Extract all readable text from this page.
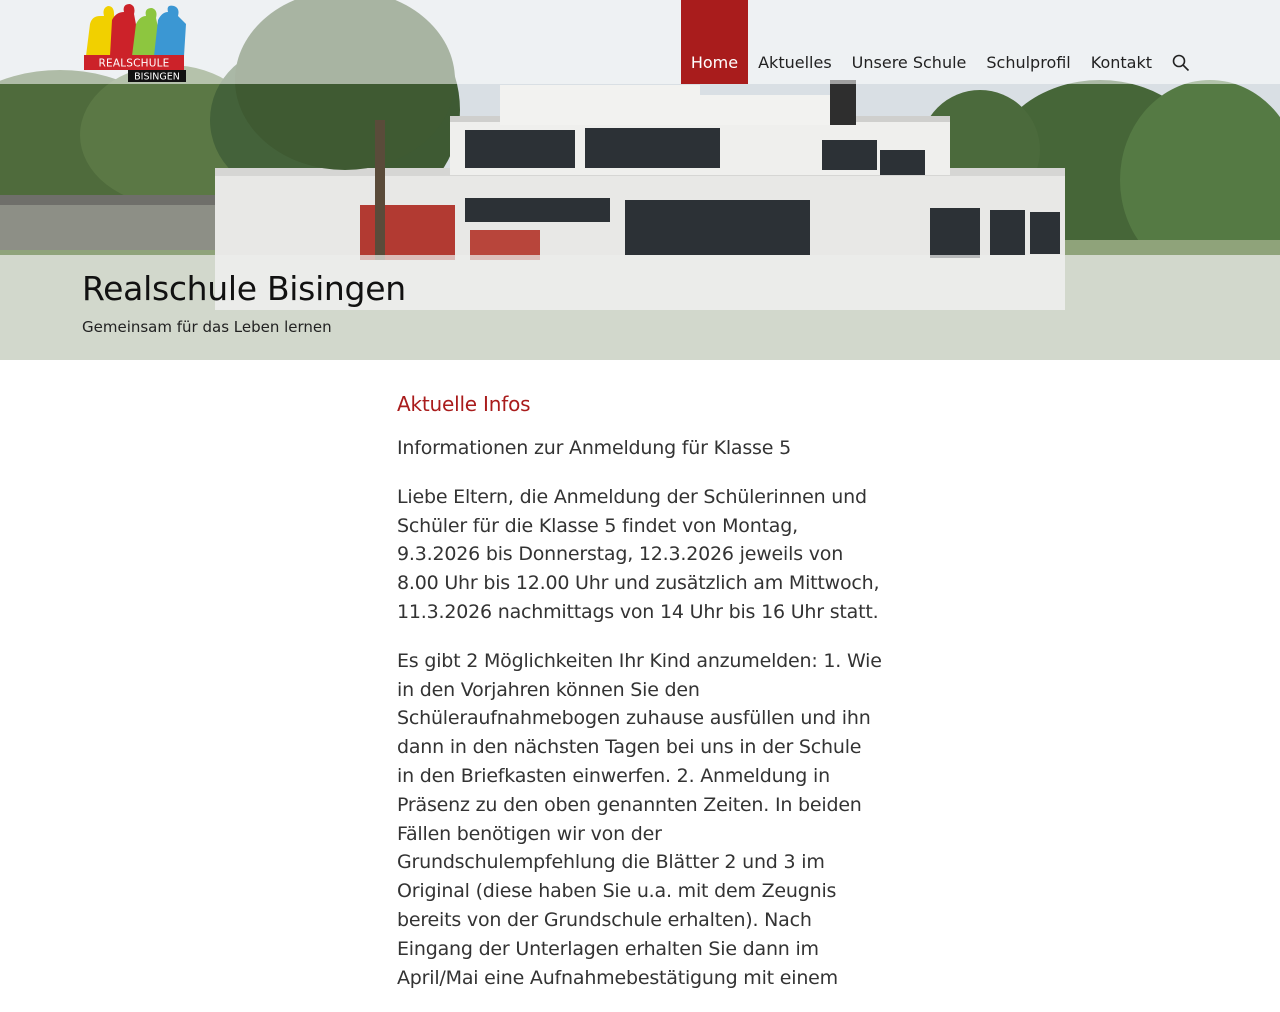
REALSCHULE
BISINGEN
Home	Aktuelles	Unsere Schule	Schulprofil	Kontakt
Realschule Bisingen

Gemeinsam für das Leben lernen

Aktuelle Infos

Informationen zur Anmeldung für Klasse 5

Liebe Eltern, die Anmeldung der Schülerinnen und Schüler für die Klasse 5 findet von Montag, 9.3.2026 bis Donnerstag, 12.3.2026 jeweils von 8.00 Uhr bis 12.00 Uhr und zusätzlich am Mittwoch, 11.3.2026 nachmittags von 14 Uhr bis 16 Uhr statt.

Es gibt 2 Möglichkeiten Ihr Kind anzumelden: 1. Wie in den Vorjahren können Sie den Schüleraufnahmebogen zuhause ausfüllen und ihn dann in den nächsten Tagen bei uns in der Schule in den Briefkasten einwerfen. 2. Anmeldung in Präsenz zu den oben genannten Zeiten. In beiden Fällen benötigen wir von der Grundschulempfehlung die Blätter 2 und 3 im Original (diese haben Sie u.a. mit dem Zeugnis bereits von der Grundschule erhalten). Nach Eingang der Unterlagen erhalten Sie dann im April/Mai eine Aufnahmebestätigung mit einem
